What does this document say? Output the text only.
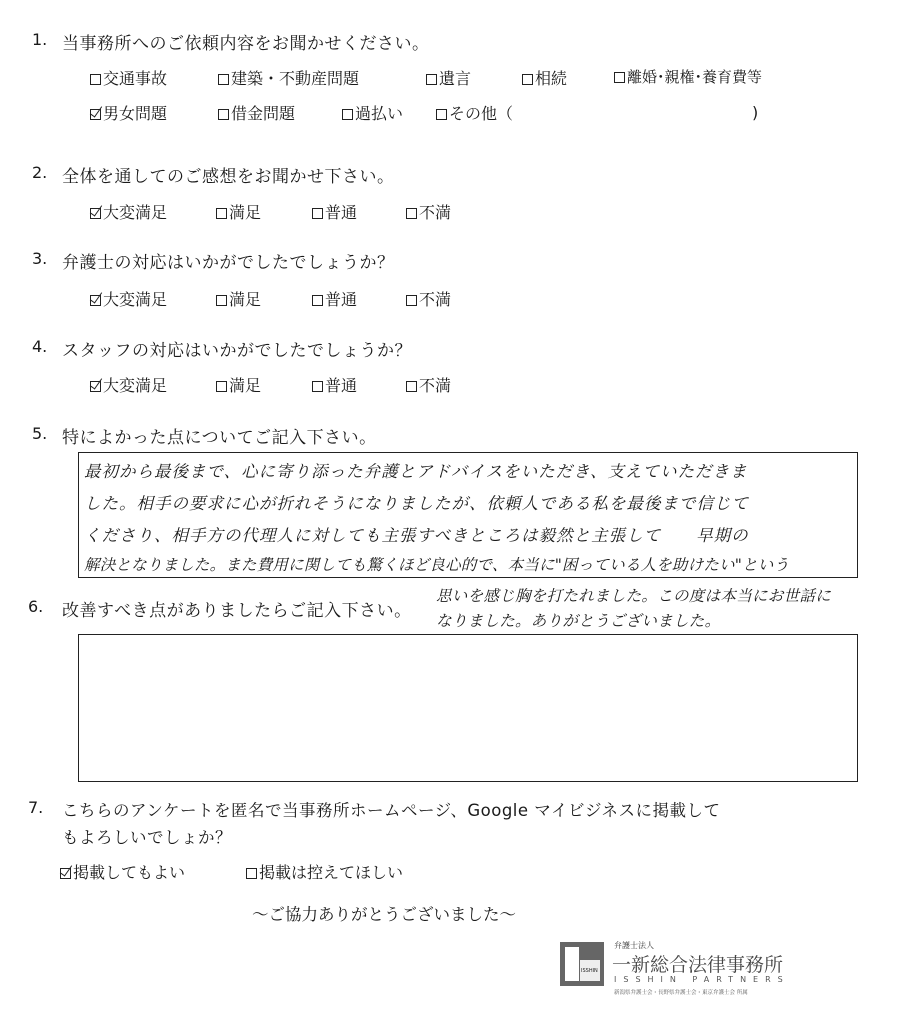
1. 当事務所へのご依頼内容をお聞かせください。
交通事故	建築・不動産問題	遺言	相続	離婚･親権･養育費等
男女問題	借金問題	過払い	その他（	)
2. 全体を通してのご感想をお聞かせ下さい。
大変満足	満足	普通	不満
3. 弁護士の対応はいかがでしたでしょうか？
大変満足	満足	普通	不満
4. スタッフの対応はいかがでしたでしょうか？
大変満足	満足	普通	不満
5. 特によかった点についてご記入下さい。
最初から最後まで、心に寄り添った弁護とアドバイスをいただき、支えていただきま
した。相手の要求に心が折れそうになりましたが、依頼人である私を最後まで信じて
くださり、相手方の代理人に対しても主張すべきところは毅然と主張して　　早期の
解決となりました。また費用に関しても驚くほど良心的で、本当に"困っている人を助けたい"という
6. 改善すべき点がありましたらご記入下さい。
思いを感じ胸を打たれました。この度は本当にお世話に
なりました。ありがとうございました。
7. こちらのアンケートを匿名で当事務所ホームページ、Google マイビジネスに掲載して
もよろしいでしょか？
掲載してもよい	掲載は控えてほしい
～ご協力ありがとうございました～
ISSHIN
弁護士法人
一新総合法律事務所
ISSHIN PARTNERS
新潟県弁護士会・長野県弁護士会・東京弁護士会 所属
